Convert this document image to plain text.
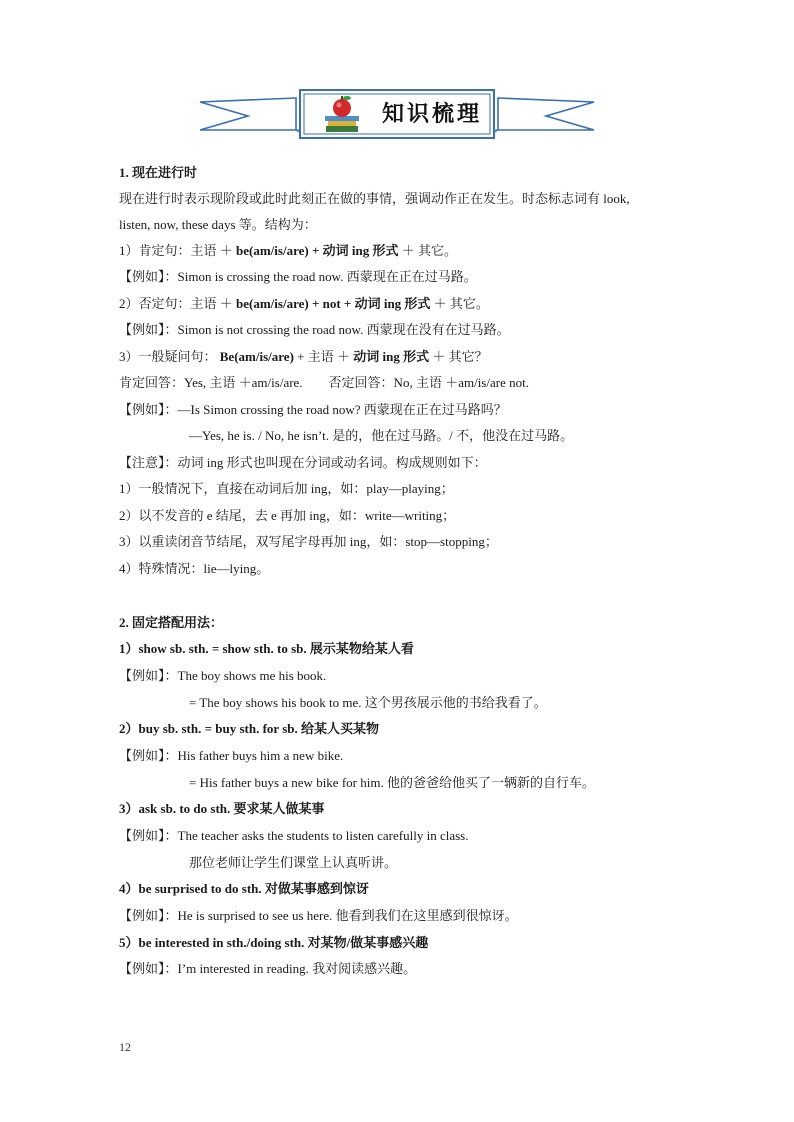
知识梳理
1. 现在进行时
现在进行时表示现阶段或此时此刻正在做的事情，强调动作正在发生。时态标志词有 look,
listen, now, these days 等。结构为：
1）肯定句：主语 ＋ be(am/is/are) + 动词 ing 形式 ＋ 其它。
【例如】：Simon is crossing the road now. 西蒙现在正在过马路。
2）否定句：主语 ＋ be(am/is/are) + not + 动词 ing 形式 ＋ 其它。
【例如】：Simon is not crossing the road now. 西蒙现在没有在过马路。
3）一般疑问句： Be(am/is/are) + 主语 ＋ 动词 ing 形式 ＋ 其它？
肯定回答：Yes, 主语 ＋am/is/are.　　否定回答：No, 主语 ＋am/is/are not.
【例如】：—Is Simon crossing the road now? 西蒙现在正在过马路吗？
—Yes, he is. / No, he isn’t. 是的，他在过马路。/ 不，他没在过马路。
【注意】：动词 ing 形式也叫现在分词或动名词。构成规则如下：
1）一般情况下，直接在动词后加 ing，如：play—playing；
2）以不发音的 e 结尾，去 e 再加 ing，如：write—writing；
3）以重读闭音节结尾，双写尾字母再加 ing，如：stop—stopping；
4）特殊情况：lie—lying。
2. 固定搭配用法：
1）show sb. sth. = show sth. to sb. 展示某物给某人看
【例如】：The boy shows me his book.
= The boy shows his book to me. 这个男孩展示他的书给我看了。
2）buy sb. sth. = buy sth. for sb. 给某人买某物
【例如】：His father buys him a new bike.
= His father buys a new bike for him. 他的爸爸给他买了一辆新的自行车。
3）ask sb. to do sth. 要求某人做某事
【例如】：The teacher asks the students to listen carefully in class.
那位老师让学生们课堂上认真听讲。
4）be surprised to do sth. 对做某事感到惊讶
【例如】：He is surprised to see us here. 他看到我们在这里感到很惊讶。
5）be interested in sth./doing sth. 对某物/做某事感兴趣
【例如】：I’m interested in reading. 我对阅读感兴趣。
12
